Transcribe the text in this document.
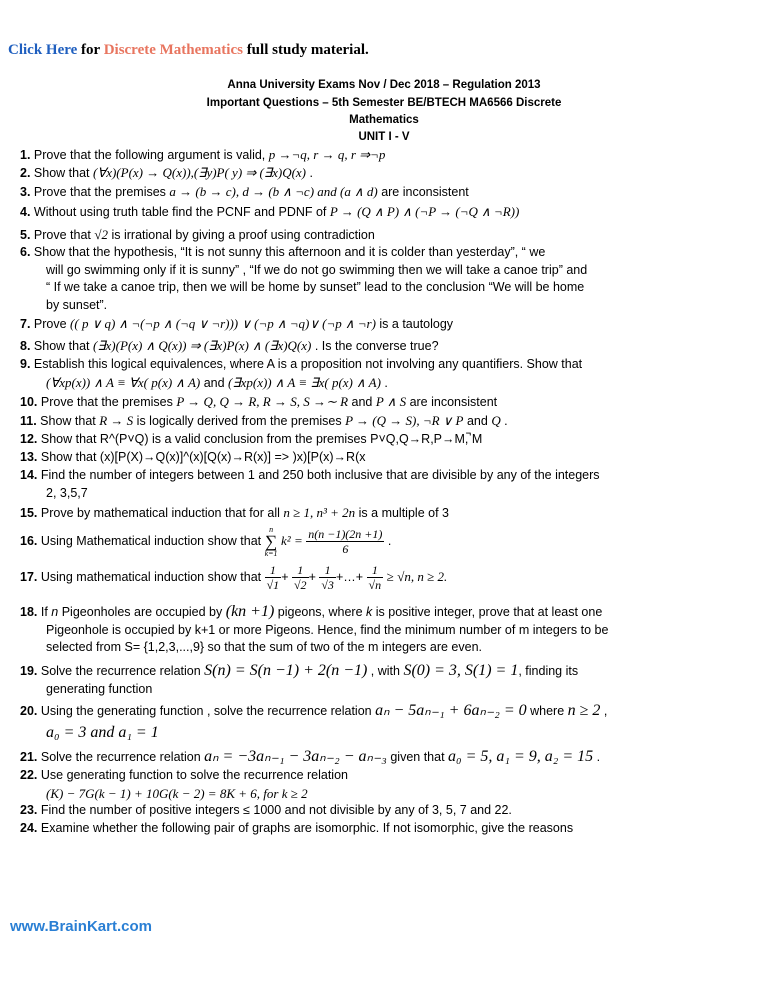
Click Here for Discrete Mathematics full study material.
Anna University Exams Nov / Dec 2018 – Regulation 2013
Important Questions – 5th Semester BE/BTECH MA6566 Discrete
Mathematics
UNIT I - V
1. Prove that the following argument is valid, p →¬q, r → q, r ⇒¬p
2. Show that (∀x)(P(x) → Q(x)),(∃y)P( y) ⇒ (∃x)Q(x) .
3. Prove that the premises a → (b → c), d → (b ∧ ¬c) and (a ∧ d) are inconsistent
4. Without using truth table find the PCNF and PDNF of P → (Q ∧ P) ∧ (¬P → (¬Q ∧ ¬R))
5. Prove that √2 is irrational by giving a proof using contradiction
6. Show that the hypothesis, “It is not sunny this afternoon and it is colder than yesterday”, “ we
will go swimming only if it is sunny” , “If we do not go swimming then we will take a canoe trip” and
“ If we take a canoe trip, then we will be home by sunset” lead to the conclusion “We will be home
by sunset”.
7. Prove (( p ∨ q) ∧ ¬(¬p ∧ (¬q ∨ ¬r))) ∨ (¬p ∧ ¬q)∨ (¬p ∧ ¬r) is a tautology
8. Show that (∃x)(P(x) ∧ Q(x)) ⇒ (∃x)P(x) ∧ (∃x)Q(x) . Is the converse true?
9. Establish this logical equivalences, where A is a proposition not involving any quantifiers. Show that
(∀xp(x)) ∧ A ≡ ∀x( p(x) ∧ A) and (∃xp(x)) ∧ A ≡ ∃x( p(x) ∧ A) .
10. Prove that the premises P → Q, Q → R, R → S, S →∼ R and P ∧ S are inconsistent
11. Show that R → S is logically derived from the premises P → (Q → S), ¬R ∨ P and Q .
12. Show that R^(P˅Q) is a valid conclusion from the premises P˅Q,Q→R,P→M,̚ M
13. Show that (x)[P(X)→Q(x)]^(x)[Q(x)→R(x)] => )x)[P(x)→R(x
14. Find the number of integers between 1 and 250 both inclusive that are divisible by any of the integers
2, 3,5,7
15. Prove by mathematical induction that for all n ≥ 1, n³ + 2n is a multiple of 3
16. Using Mathematical induction show that
n
∑
k=1
$k^2 = \frac{n(n -1)(2n +1)}{6}$ .
17. Using mathematical induction show that $\frac{1}{√1} + \frac{1}{√2} + \frac{1}{√3}$ +…+ $\frac{1}{√n} \ge √n$, n ≥ 2.
18. If n Pigeonholes are occupied by (kn +1) pigeons, where k is positive integer, prove that at least one
Pigeonhole is occupied by k+1 or more Pigeons. Hence, find the minimum number of m integers to be
selected from S= {1,2,3,...,9} so that the sum of two of the m integers are even.
19. Solve the recurrence relation S(n) = S(n −1) + 2(n −1) , with S(0) = 3, S(1) = 1, finding its
generating function
20. Using the generating function , solve the recurrence relation aₙ − 5aₙ₋₁ + 6aₙ₋₂ = 0 where n ≥ 2 ,
a₀ = 3 and a₁ = 1
21. Solve the recurrence relation aₙ = −3aₙ₋₁ − 3aₙ₋₂ − aₙ₋₃ given that a₀ = 5, a₁ = 9, a₂ = 15 .
22. Use generating function to solve the recurrence relation
(K) − 7G(k − 1) + 10G(k − 2) = 8K + 6, for k ≥ 2
23. Find the number of positive integers ≤ 1000 and not divisible by any of 3, 5, 7 and 22.
24. Examine whether the following pair of graphs are isomorphic. If not isomorphic, give the reasons
www.BrainKart.com
